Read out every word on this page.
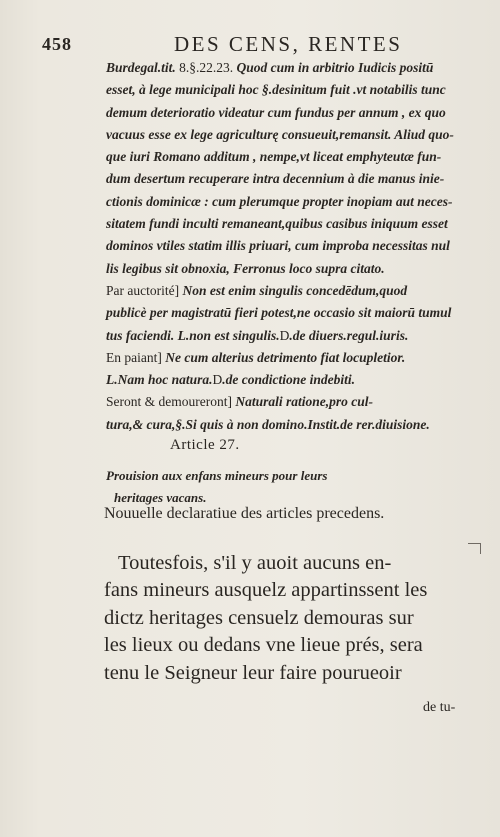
458	DES CENS, RENTES
Burdegal.tit. 8.§.22.23. Quod cum in arbitrio Iudicis positū
esset, à lege municipali hoc §.desinitum fuit .vt notabilis tunc
demum deterioratio videatur cum fundus per annum , ex quo
vacuus esse ex lege agriculturę consueuit,remansit. Aliud quo-
que iuri Romano additum , nempe,vt liceat emphyteutæ fun-
dum desertum recuperare intra decennium à die manus inie-
ctionis dominicæ : cum plerumque propter inopiam aut neces-
sitatem fundi inculti remaneant,quibus casibus iniquum esset
dominos vtiles statim illis priuari, cum improba necessitas nul
lis legibus sit obnoxia, Ferronus loco supra citato.
Par auctorité] Non est enim singulis concedēdum,quod
publicè per magistratū fieri potest,ne occasio sit maiorū tumul
tus faciendi. L.non est singulis.D.de diuers.regul.iuris.
En paiant] Ne cum alterius detrimento fiat locupletior.
L.Nam hoc natura.D.de condictione indebiti.
Seront & demoureront] Naturali ratione,pro cul-
tura,& cura,§.Si quis à non domino.Instit.de rer.diuisione.
Article 27.
Prouision aux enfans mineurs pour leurs
heritages vacans.
Nouuelle declaratiue des articles precedens.
Toutesfois, s'il y auoit aucuns en-
fans mineurs ausquelz appartinssent les
dictz heritages censuelz demouras sur
les lieux ou dedans vne lieue prés, sera
tenu le Seigneur leur faire pourueoir
de tu-
